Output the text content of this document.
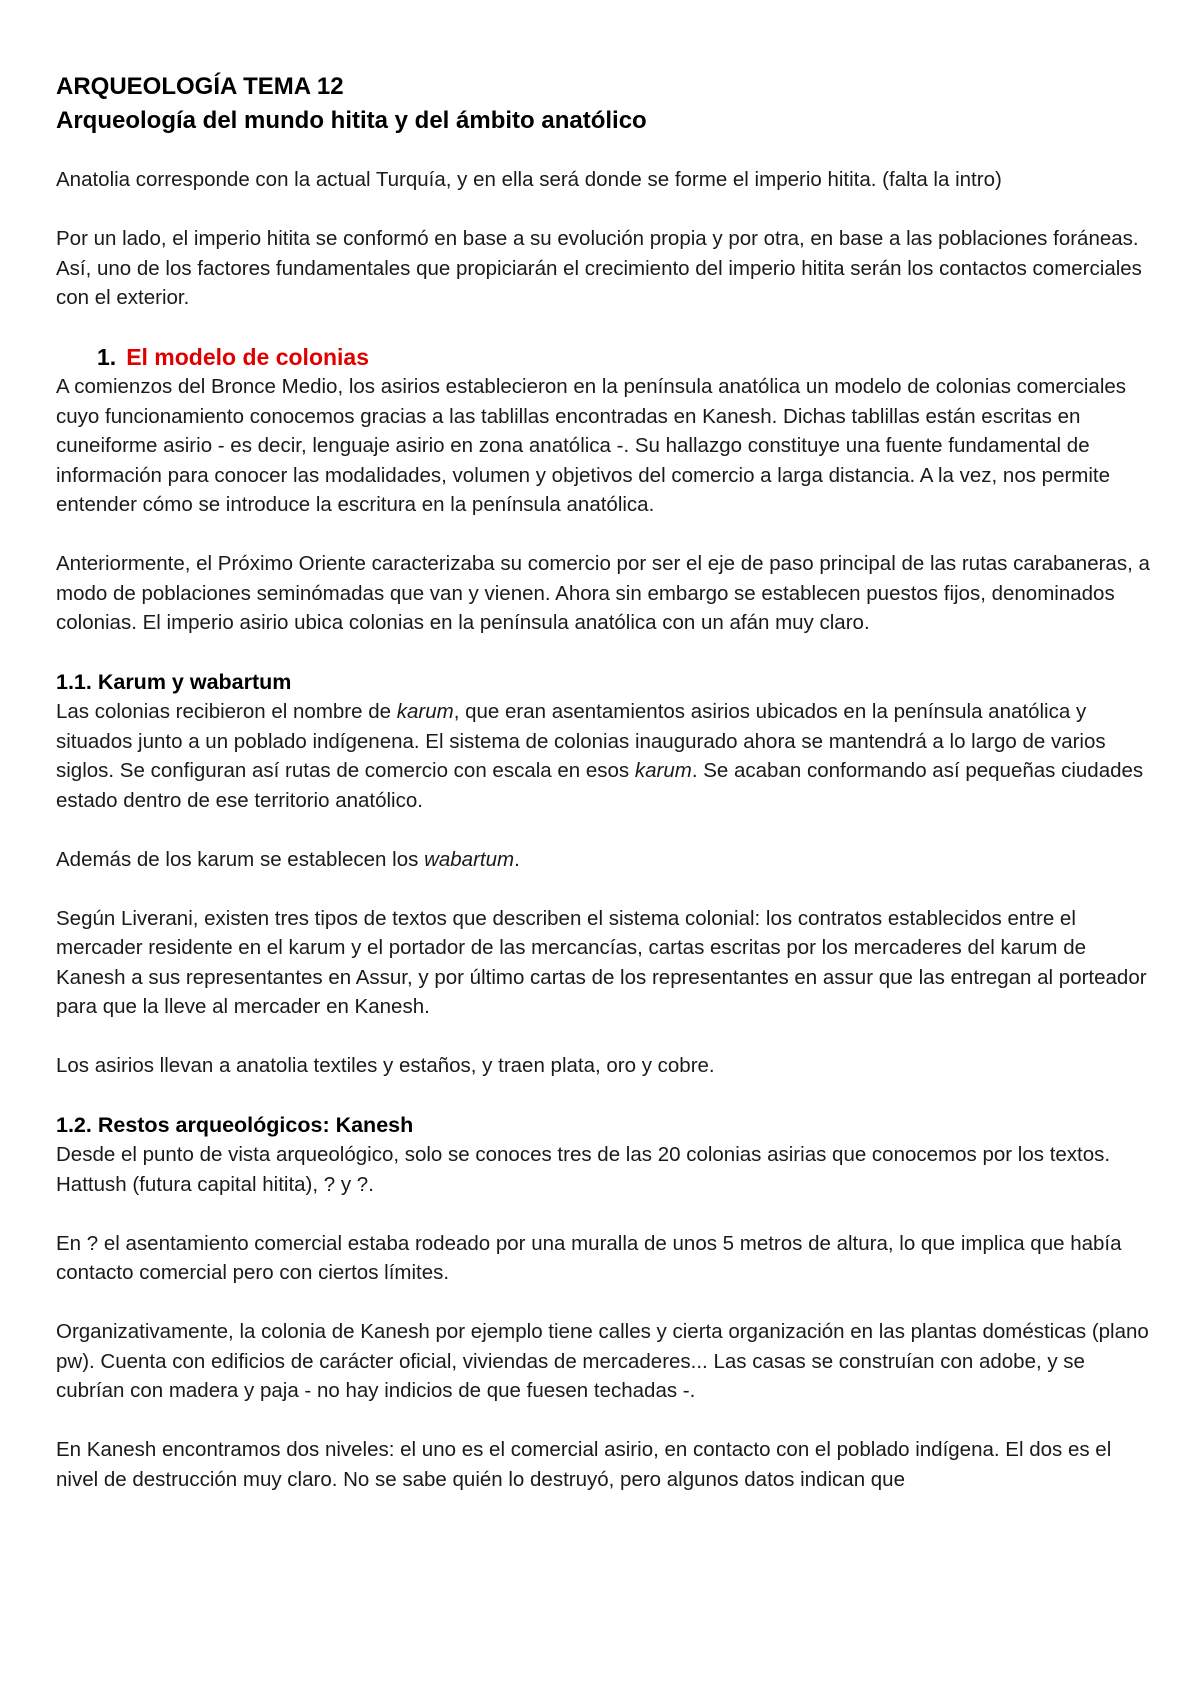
ARQUEOLOGÍA TEMA 12
Arqueología del mundo hitita y del ámbito anatólico

Anatolia corresponde con la actual Turquía, y en ella será donde se forme el imperio hitita. (falta la intro)

Por un lado, el imperio hitita se conformó en base a su evolución propia y por otra, en base a las poblaciones foráneas. Así, uno de los factores fundamentales que propiciarán el crecimiento del imperio hitita serán los contactos comerciales con el exterior.

1. El modelo de colonias

A comienzos del Bronce Medio, los asirios establecieron en la península anatólica un modelo de colonias comerciales cuyo funcionamiento conocemos gracias a las tablillas encontradas en Kanesh. Dichas tablillas están escritas en cuneiforme asirio - es decir, lenguaje asirio en zona anatólica -. Su hallazgo constituye una fuente fundamental de información para conocer las modalidades, volumen y objetivos del comercio a larga distancia. A la vez, nos permite entender cómo se introduce la escritura en la península anatólica.

Anteriormente, el Próximo Oriente caracterizaba su comercio por ser el eje de paso principal de las rutas carabaneras, a modo de poblaciones seminómadas que van y vienen. Ahora sin embargo se establecen puestos fijos, denominados colonias. El imperio asirio ubica colonias en la península anatólica con un afán muy claro.

1.1. Karum y wabartum

Las colonias recibieron el nombre de karum, que eran asentamientos asirios ubicados en la península anatólica y situados junto a un poblado indígenena. El sistema de colonias inaugurado ahora se mantendrá a lo largo de varios siglos. Se configuran así rutas de comercio con escala en esos karum. Se acaban conformando así pequeñas ciudades estado dentro de ese territorio anatólico.

Además de los karum se establecen los wabartum.

Según Liverani, existen tres tipos de textos que describen el sistema colonial: los contratos establecidos entre el mercader residente en el karum y el portador de las mercancías, cartas escritas por los mercaderes del karum de Kanesh a sus representantes en Assur, y por último cartas de los representantes en assur que las entregan al porteador para que la lleve al mercader en Kanesh.

Los asirios llevan a anatolia textiles y estaños, y traen plata, oro y cobre.

1.2. Restos arqueológicos: Kanesh

Desde el punto de vista arqueológico, solo se conoces tres de las 20 colonias asirias que conocemos por los textos. Hattush (futura capital hitita), ? y ?.

En ? el asentamiento comercial estaba rodeado por una muralla de unos 5 metros de altura, lo que implica que había contacto comercial pero con ciertos límites.

Organizativamente, la colonia de Kanesh por ejemplo tiene calles y cierta organización en las plantas domésticas (plano pw). Cuenta con edificios de carácter oficial, viviendas de mercaderes... Las casas se construían con adobe, y se cubrían con madera y paja - no hay indicios de que fuesen techadas -.

En Kanesh encontramos dos niveles: el uno es el comercial asirio, en contacto con el poblado indígena. El dos es el nivel de destrucción muy claro. No se sabe quién lo destruyó, pero algunos datos indican que
